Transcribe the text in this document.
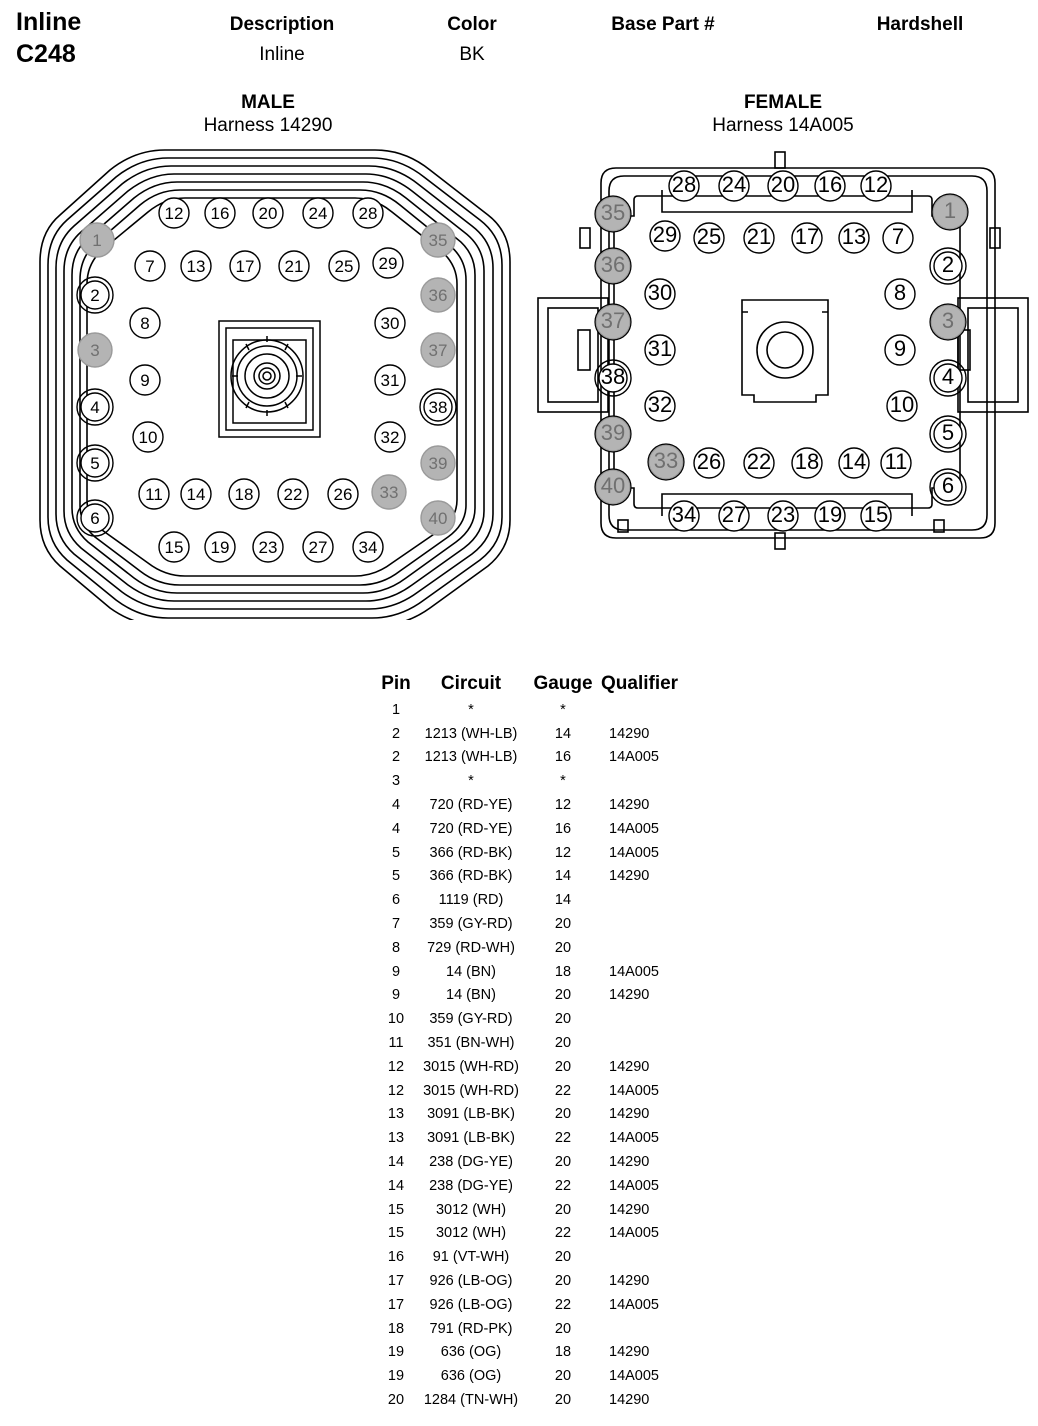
Inline
C248
Description
Inline
Color
BK
Base Part #	Hardshell
MALE
Harness 14290
FEMALE
Harness 14A005
1
2
3
4
5
6
7
8
9
10
11
12
13
14
15
16
17
18
19
20
21
22
23
24
25
26
27
28
29
30
31
32
33
34
35
36
37
38
39
40
1
2
3
4
5
6
7
8
9
10
11
12
13
14
15
16
17
18
19
20
21
22
23
24
25
26
27
28
29
30
31
32
33
34
35
36
37
38
39
40
Pin	Circuit	Gauge	Qualifier
1	*	*	
2	1213 (WH-LB)	14	14290
2	1213 (WH-LB)	16	14A005
3	*	*	
4	720 (RD-YE)	12	14290
4	720 (RD-YE)	16	14A005
5	366 (RD-BK)	12	14A005
5	366 (RD-BK)	14	14290
6	1119 (RD)	14	
7	359 (GY-RD)	20	
8	729 (RD-WH)	20	
9	14 (BN)	18	14A005
9	14 (BN)	20	14290
10	359 (GY-RD)	20	
11	351 (BN-WH)	20	
12	3015 (WH-RD)	20	14290
12	3015 (WH-RD)	22	14A005
13	3091 (LB-BK)	20	14290
13	3091 (LB-BK)	22	14A005
14	238 (DG-YE)	20	14290
14	238 (DG-YE)	22	14A005
15	3012 (WH)	20	14290
15	3012 (WH)	22	14A005
16	91 (VT-WH)	20	
17	926 (LB-OG)	20	14290
17	926 (LB-OG)	22	14A005
18	791 (RD-PK)	20	
19	636 (OG)	18	14290
19	636 (OG)	20	14A005
20	1284 (TN-WH)	20	14290
